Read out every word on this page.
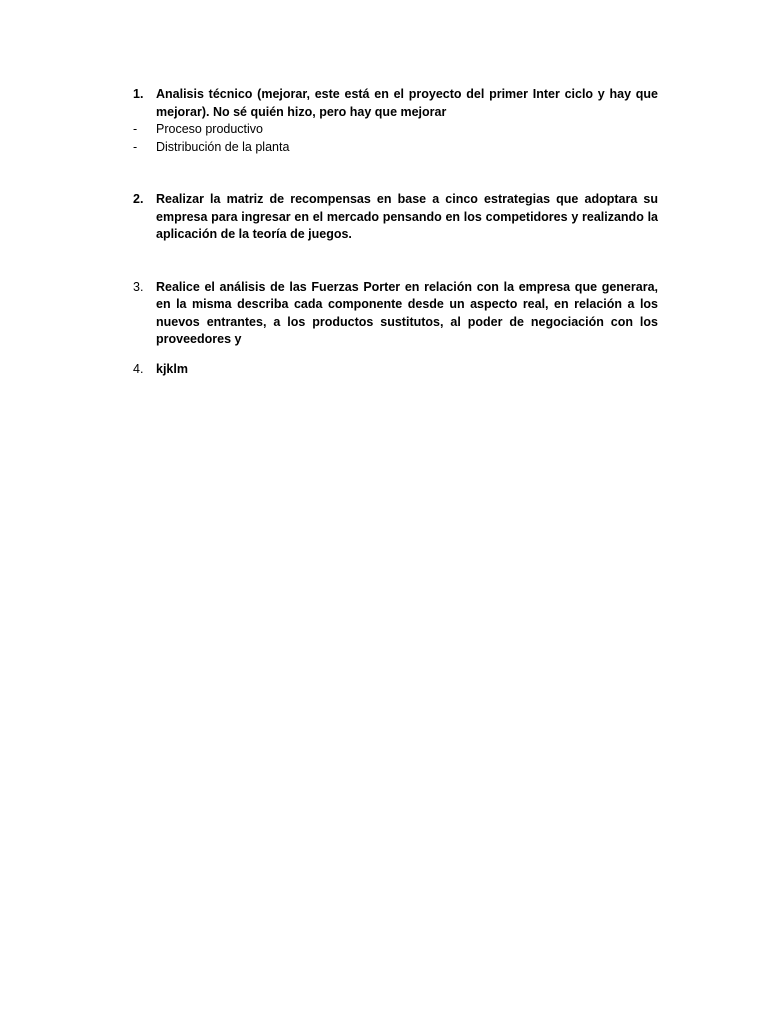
1.	Analisis técnico (mejorar, este está en el proyecto del primer Inter ciclo y hay que mejorar). No sé quién hizo, pero hay que mejorar
-	Proceso productivo
-	Distribución de la planta
2.	Realizar la matriz de recompensas en base a cinco estrategias que adoptara su empresa para ingresar en el mercado pensando en los competidores y realizando la aplicación de la teoría de juegos.
3.	Realice el análisis de las Fuerzas Porter en relación con la empresa que generara, en la misma describa cada componente desde un aspecto real, en relación a los nuevos entrantes, a los productos sustitutos, al poder de negociación con los proveedores y
4.	kjklm
